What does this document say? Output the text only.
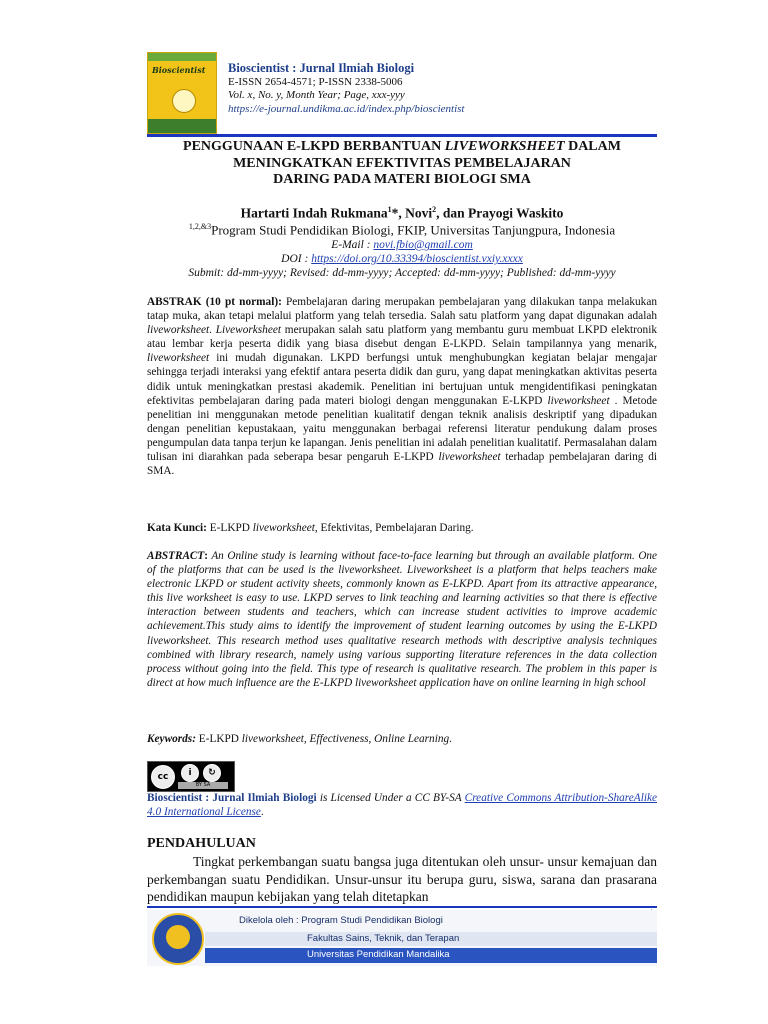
Bioscientist Bioscientist : Jurnal Ilmiah Biologi
E-ISSN 2654-4571; P-ISSN 2338-5006
Vol. x, No. y, Month Year; Page, xxx-yyy
https://e-journal.undikma.ac.id/index.php/bioscientist
PENGGUNAAN E-LKPD BERBANTUAN LIVEWORKSHEET DALAM
MENINGKATKAN EFEKTIVITAS PEMBELAJARAN
DARING PADA MATERI BIOLOGI SMA
Hartarti Indah Rukmana$^1$*, Novi$^2$, dan Prayogi Waskito
$^{1,2,\&3}$Program Studi Pendidikan Biologi, FKIP, Universitas Tanjungpura, Indonesia
E-Mail : novi.fbio@gmail.com
DOI : https://doi.org/10.33394/bioscientist.vxiy.xxxx
Submit: dd-mm-yyyy; Revised: dd-mm-yyyy; Accepted: dd-mm-yyyy; Published: dd-mm-yyyy
ABSTRAK (10 pt normal): Pembelajaran daring merupakan pembelajaran yang dilakukan tanpa melakukan tatap muka, akan tetapi melalui platform yang telah tersedia. Salah satu platform yang dapat digunakan adalah liveworksheet. Liveworksheet merupakan salah satu platform yang membantu guru membuat LKPD elektronik atau lembar kerja peserta didik yang biasa disebut dengan E-LKPD. Selain tampilannya yang menarik, liveworksheet ini mudah digunakan. LKPD berfungsi untuk menghubungkan kegiatan belajar mengajar sehingga terjadi interaksi yang efektif antara peserta didik dan guru, yang dapat meningkatkan aktivitas peserta didik untuk meningkatkan prestasi akademik. Penelitian ini bertujuan untuk mengidentifikasi peningkatan efektivitas pembelajaran daring pada materi biologi dengan menggunakan E-LKPD liveworksheet . Metode penelitian ini menggunakan metode penelitian kualitatif dengan teknik analisis deskriptif yang dipadukan dengan penelitian kepustakaan, yaitu menggunakan berbagai referensi literatur pendukung dalam proses pengumpulan data tanpa terjun ke lapangan. Jenis penelitian ini adalah penelitian kualitatif. Permasalahan dalam tulisan ini diarahkan pada seberapa besar pengaruh E-LKPD liveworksheet terhadap pembelajaran daring di SMA.
Kata Kunci: E-LKPD liveworksheet, Efektivitas, Pembelajaran Daring.
ABSTRACT: An Online study is learning without face-to-face learning but through an available platform. One of the platforms that can be used is the liveworksheet. Liveworksheet is a platform that helps teachers make electronic LKPD or student activity sheets, commonly known as E-LKPD. Apart from its attractive appearance, this live worksheet is easy to use. LKPD serves to link teaching and learning activities so that there is effective interaction between students and teachers, which can increase student activities to improve academic achievement.This study aims to identify the improvement of student learning outcomes by using the E-LKPD liveworksheet. This research method uses qualitative research methods with descriptive analysis techniques combined with library research, namely using various supporting literature references in the data collection process without going into the field. This type of research is qualitative research. The problem in this paper is direct at how much influence are the E-LKPD liveworksheet application have on online learning in high school
Keywords: E-LKPD liveworksheet, Effectiveness, Online Learning.
cc	i	↻
BY SA
Bioscientist : Jurnal Ilmiah Biologi is Licensed Under a CC BY-SA Creative Commons Attribution-ShareAlike 4.0 International License.
PENDAHULUAN
Tingkat perkembangan suatu bangsa juga ditentukan oleh unsur- unsur kemajuan dan perkembangan suatu Pendidikan. Unsur-unsur itu berupa guru, siswa, sarana dan prasarana pendidikan maupun kebijakan yang telah ditetapkan
Dikelola oleh : Program Studi Pendidikan Biologi
Fakultas Sains, Teknik, dan Terapan
Universitas Pendidikan Mandalika
